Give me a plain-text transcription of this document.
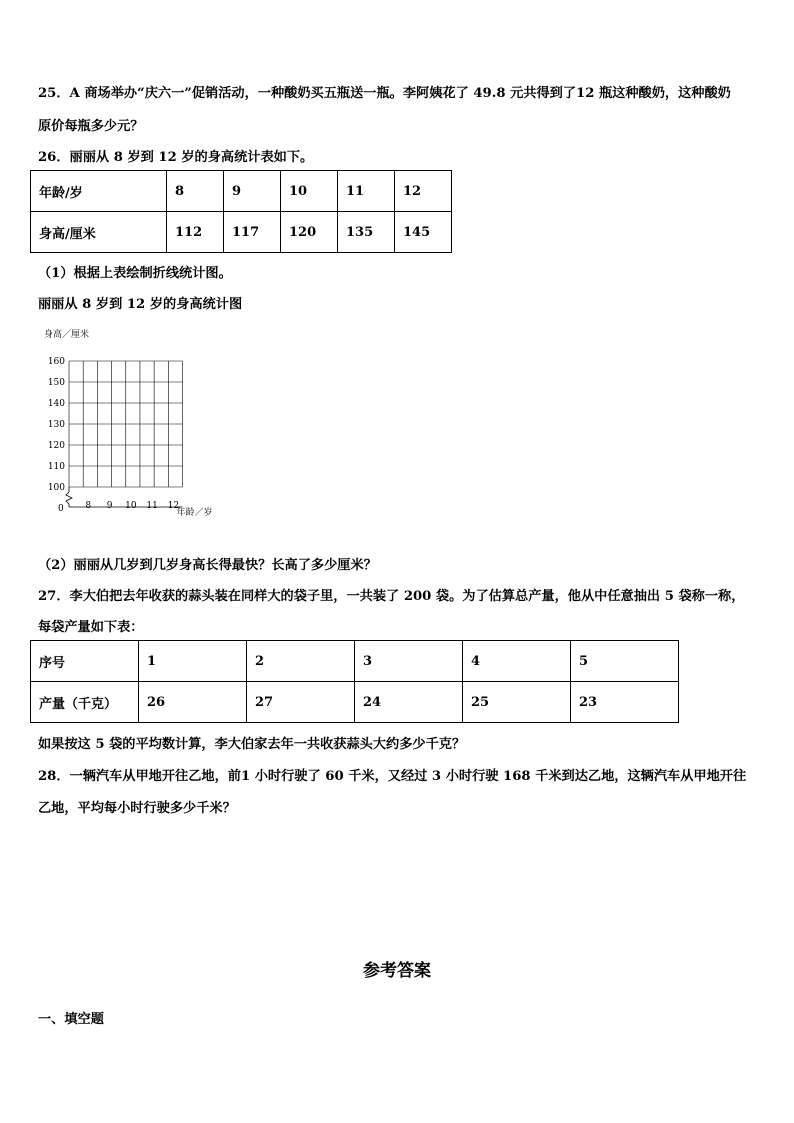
25．A 商场举办“庆六一”促销活动，一种酸奶买五瓶送一瓶。李阿姨花了 49.8 元共得到了12 瓶这种酸奶，这种酸奶
原价每瓶多少元？
26．丽丽从 8 岁到 12 岁的身高统计表如下。
年龄/岁	8	9	10	11	12
身高/厘米	112	117	120	135	145
（1）根据上表绘制折线统计图。
丽丽从 8 岁到 12 岁的身高统计图
身高／厘米
160
150
140
130
120
110
100
8 9 10 11 12
0	年龄／岁
（2）丽丽从几岁到几岁身高长得最快？长高了多少厘米？
27．李大伯把去年收获的蒜头装在同样大的袋子里，一共装了 200 袋。为了估算总产量，他从中任意抽出 5 袋称一称，
每袋产量如下表：
序号	1	2	3	4	5
产量（千克）	26	27	24	25	23
如果按这 5 袋的平均数计算，李大伯家去年一共收获蒜头大约多少千克？
28．一辆汽车从甲地开往乙地，前1 小时行驶了 60 千米，又经过 3 小时行驶 168 千米到达乙地，这辆汽车从甲地开往
乙地，平均每小时行驶多少千米？
参考答案
一、填空题
